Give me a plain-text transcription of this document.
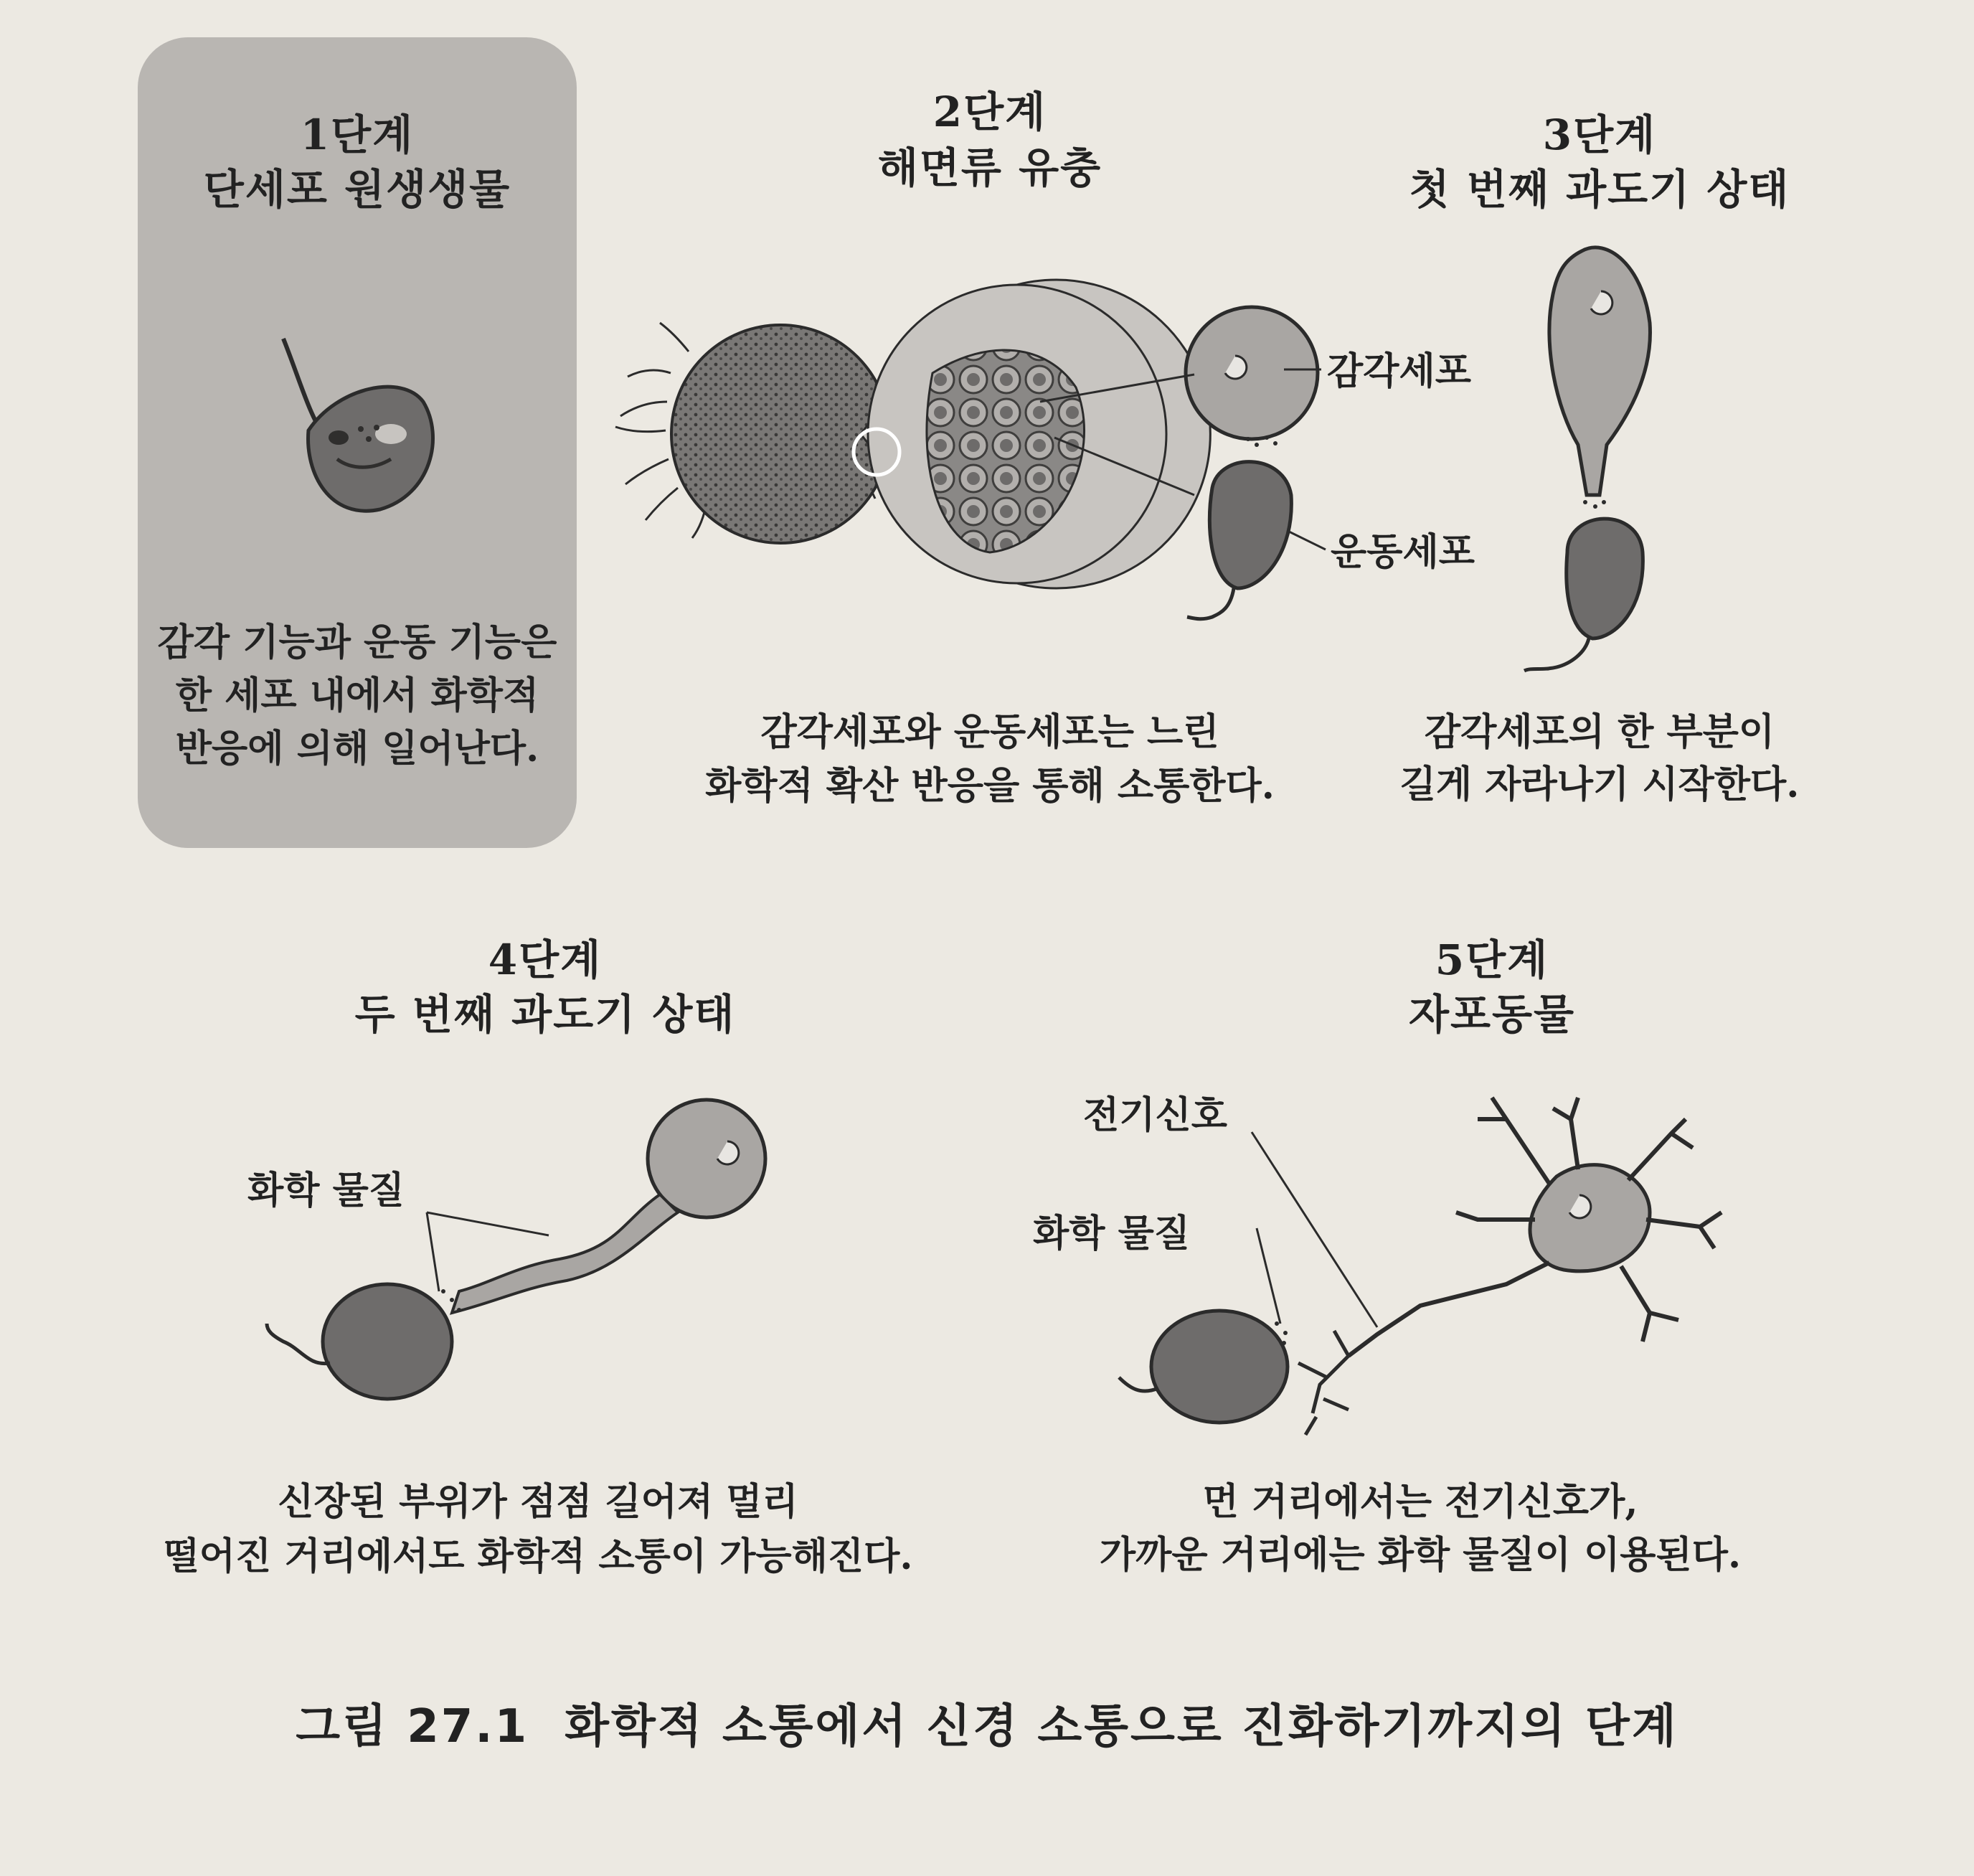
1단계
단세포 원생생물
감각 기능과 운동 기능은
한 세포 내에서 화학적
반응에 의해 일어난다.
2단계
해면류 유충
감각세포
운동세포
감각세포와 운동세포는 느린
화학적 확산 반응을 통해 소통한다.
3단계
첫 번째 과도기 상태
감각세포의 한 부분이
길게 자라나기 시작한다.
4단계
두 번째 과도기 상태
화학 물질
신장된 부위가 점점 길어져 멀리
떨어진 거리에서도 화학적 소통이 가능해진다.
5단계
자포동물
전기신호
화학 물질
먼 거리에서는 전기신호가,
가까운 거리에는 화학 물질이 이용된다.
그림 27.1 화학적 소통에서 신경 소통으로 진화하기까지의 단계
